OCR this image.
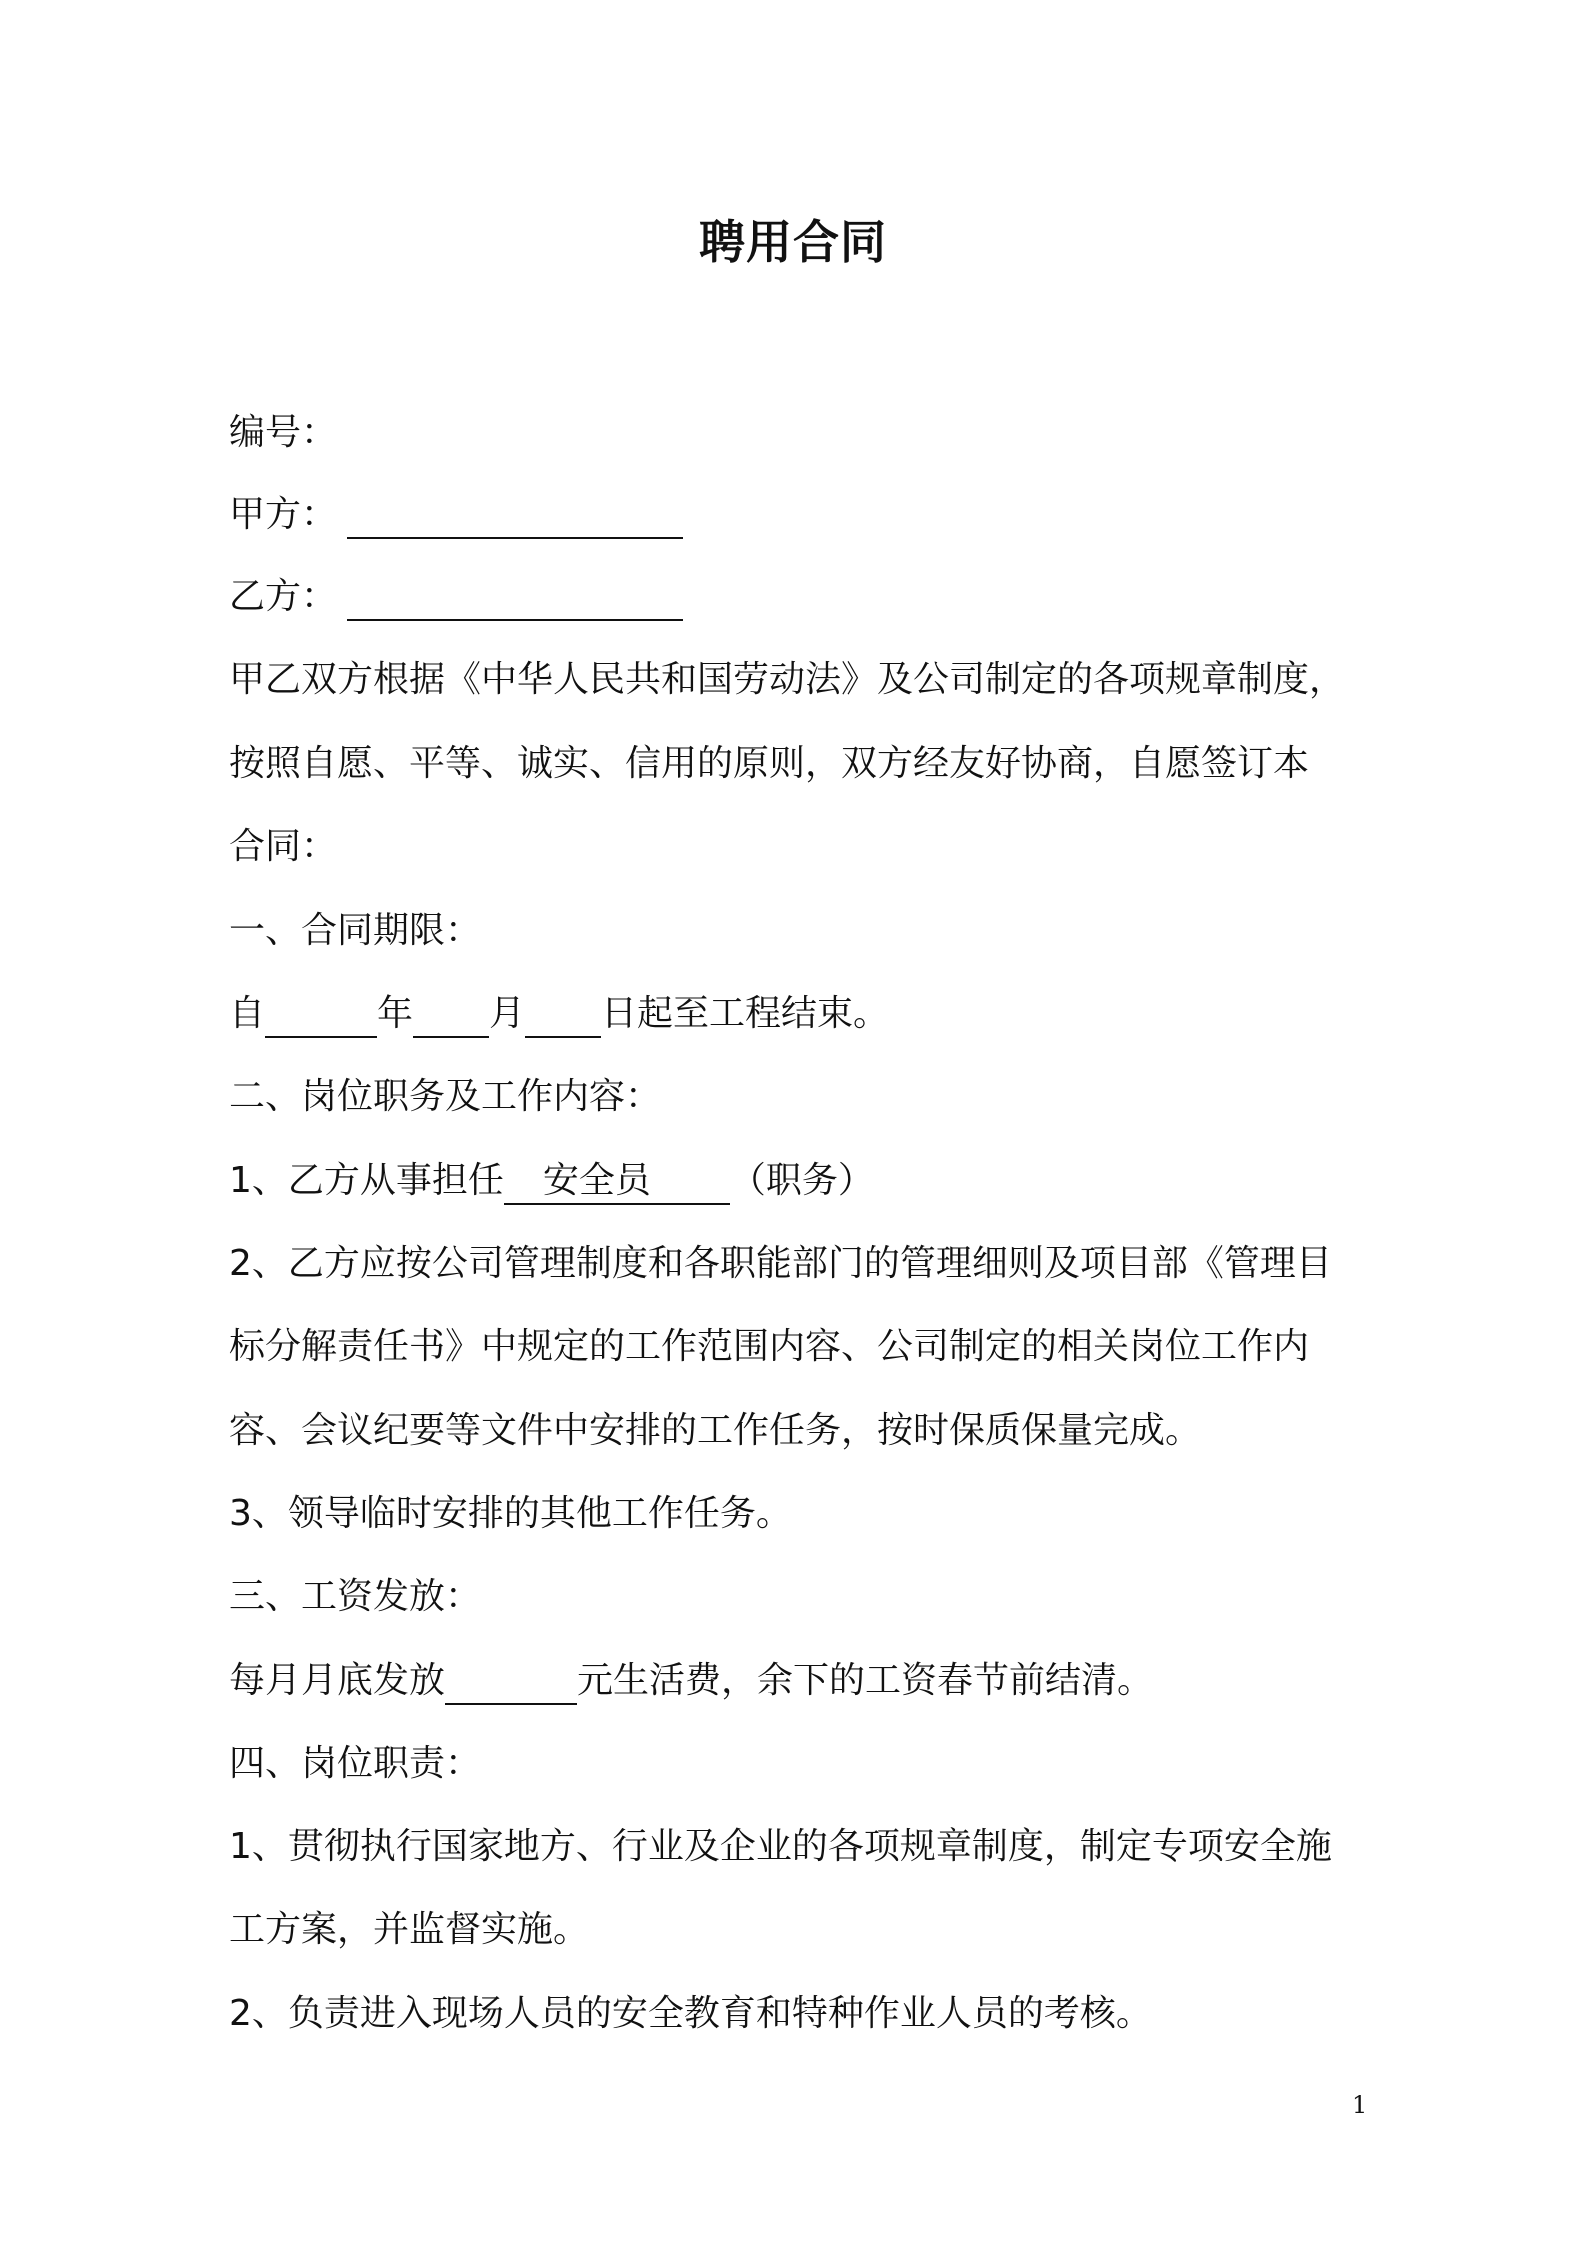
聘用合同
编号：
甲方：
乙方：
甲乙双方根据《中华人民共和国劳动法》及公司制定的各项规章制度，
按照自愿、平等、诚实、信用的原则，双方经友好协商，自愿签订本
合同：
一、合同期限：
自	年 月 日起至工程结束。
二、岗位职务及工作内容：
1、乙方从事担任 安全员 （职务）
2、乙方应按公司管理制度和各职能部门的管理细则及项目部《管理目
标分解责任书》中规定的工作范围内容、公司制定的相关岗位工作内
容、会议纪要等文件中安排的工作任务，按时保质保量完成。
3、领导临时安排的其他工作任务。
三、工资发放：
每月月底发放	元生活费，余下的工资春节前结清。
四、岗位职责：
1、贯彻执行国家地方、行业及企业的各项规章制度，制定专项安全施
工方案，并监督实施。
2、负责进入现场人员的安全教育和特种作业人员的考核。
1
